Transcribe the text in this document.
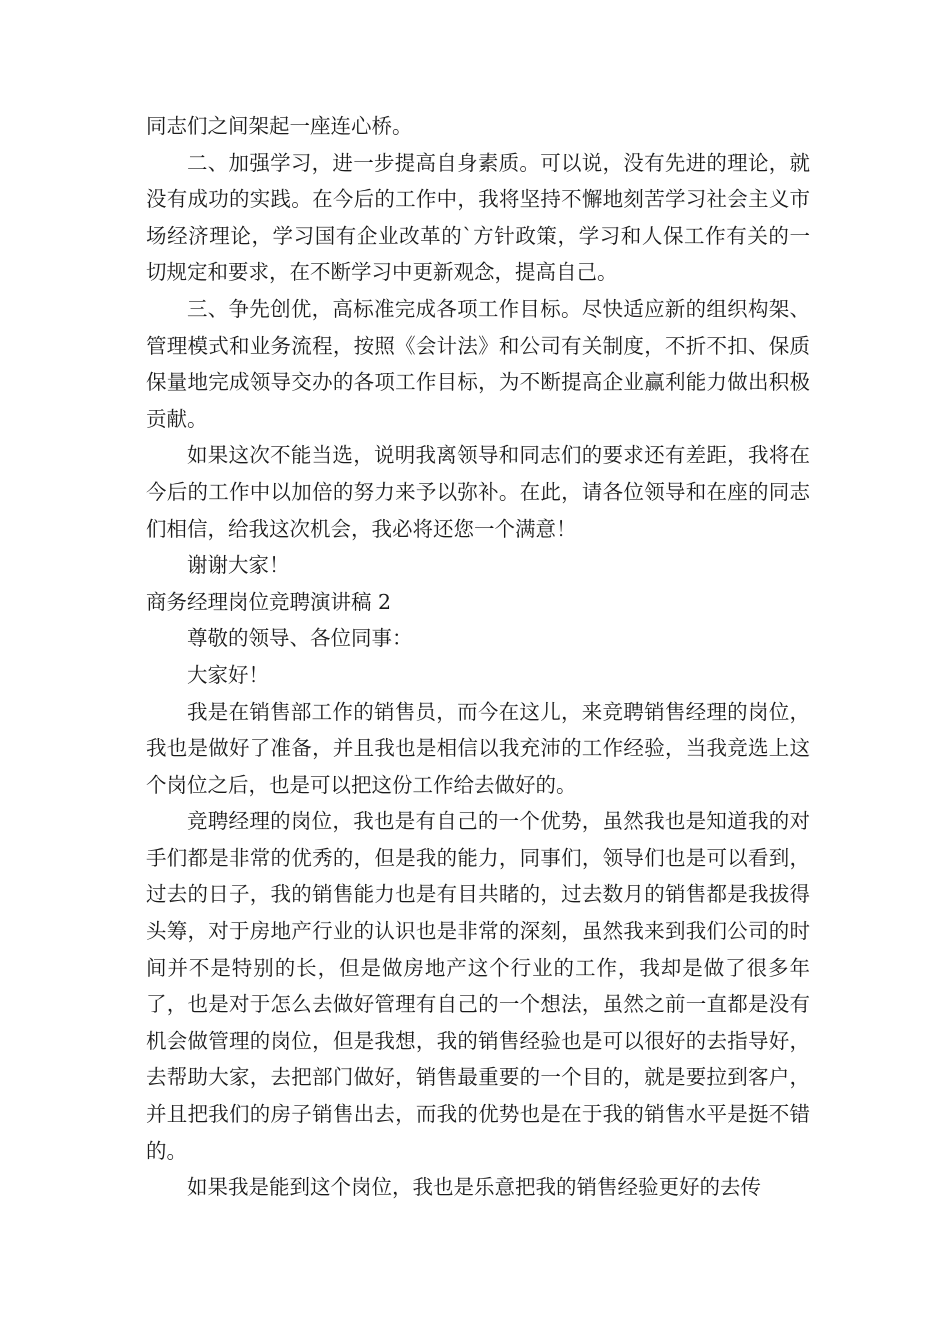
同志们之间架起一座连心桥。

二、加强学习，进一步提高自身素质。可以说，没有先进的理论，就没有成功的实践。在今后的工作中，我将坚持不懈地刻苦学习社会主义市场经济理论，学习国有企业改革的`方针政策，学习和人保工作有关的一切规定和要求，在不断学习中更新观念，提高自己。

三、争先创优，高标准完成各项工作目标。尽快适应新的组织构架、管理模式和业务流程，按照《会计法》和公司有关制度，不折不扣、保质保量地完成领导交办的各项工作目标，为不断提高企业赢利能力做出积极贡献。

如果这次不能当选，说明我离领导和同志们的要求还有差距，我将在今后的工作中以加倍的努力来予以弥补。在此，请各位领导和在座的同志们相信，给我这次机会，我必将还您一个满意！

谢谢大家！

商务经理岗位竞聘演讲稿 2

尊敬的领导、各位同事：

大家好！

我是在销售部工作的销售员，而今在这儿，来竞聘销售经理的岗位，我也是做好了准备，并且我也是相信以我充沛的工作经验，当我竞选上这个岗位之后，也是可以把这份工作给去做好的。

竞聘经理的岗位，我也是有自己的一个优势，虽然我也是知道我的对手们都是非常的优秀的，但是我的能力，同事们，领导们也是可以看到，过去的日子，我的销售能力也是有目共睹的，过去数月的销售都是我拔得头筹，对于房地产行业的认识也是非常的深刻，虽然我来到我们公司的时间并不是特别的长，但是做房地产这个行业的工作，我却是做了很多年了，也是对于怎么去做好管理有自己的一个想法，虽然之前一直都是没有机会做管理的岗位，但是我想，我的销售经验也是可以很好的去指导好，去帮助大家，去把部门做好，销售最重要的一个目的，就是要拉到客户，并且把我们的房子销售出去，而我的优势也是在于我的销售水平是挺不错的。

如果我是能到这个岗位，我也是乐意把我的销售经验更好的去传
